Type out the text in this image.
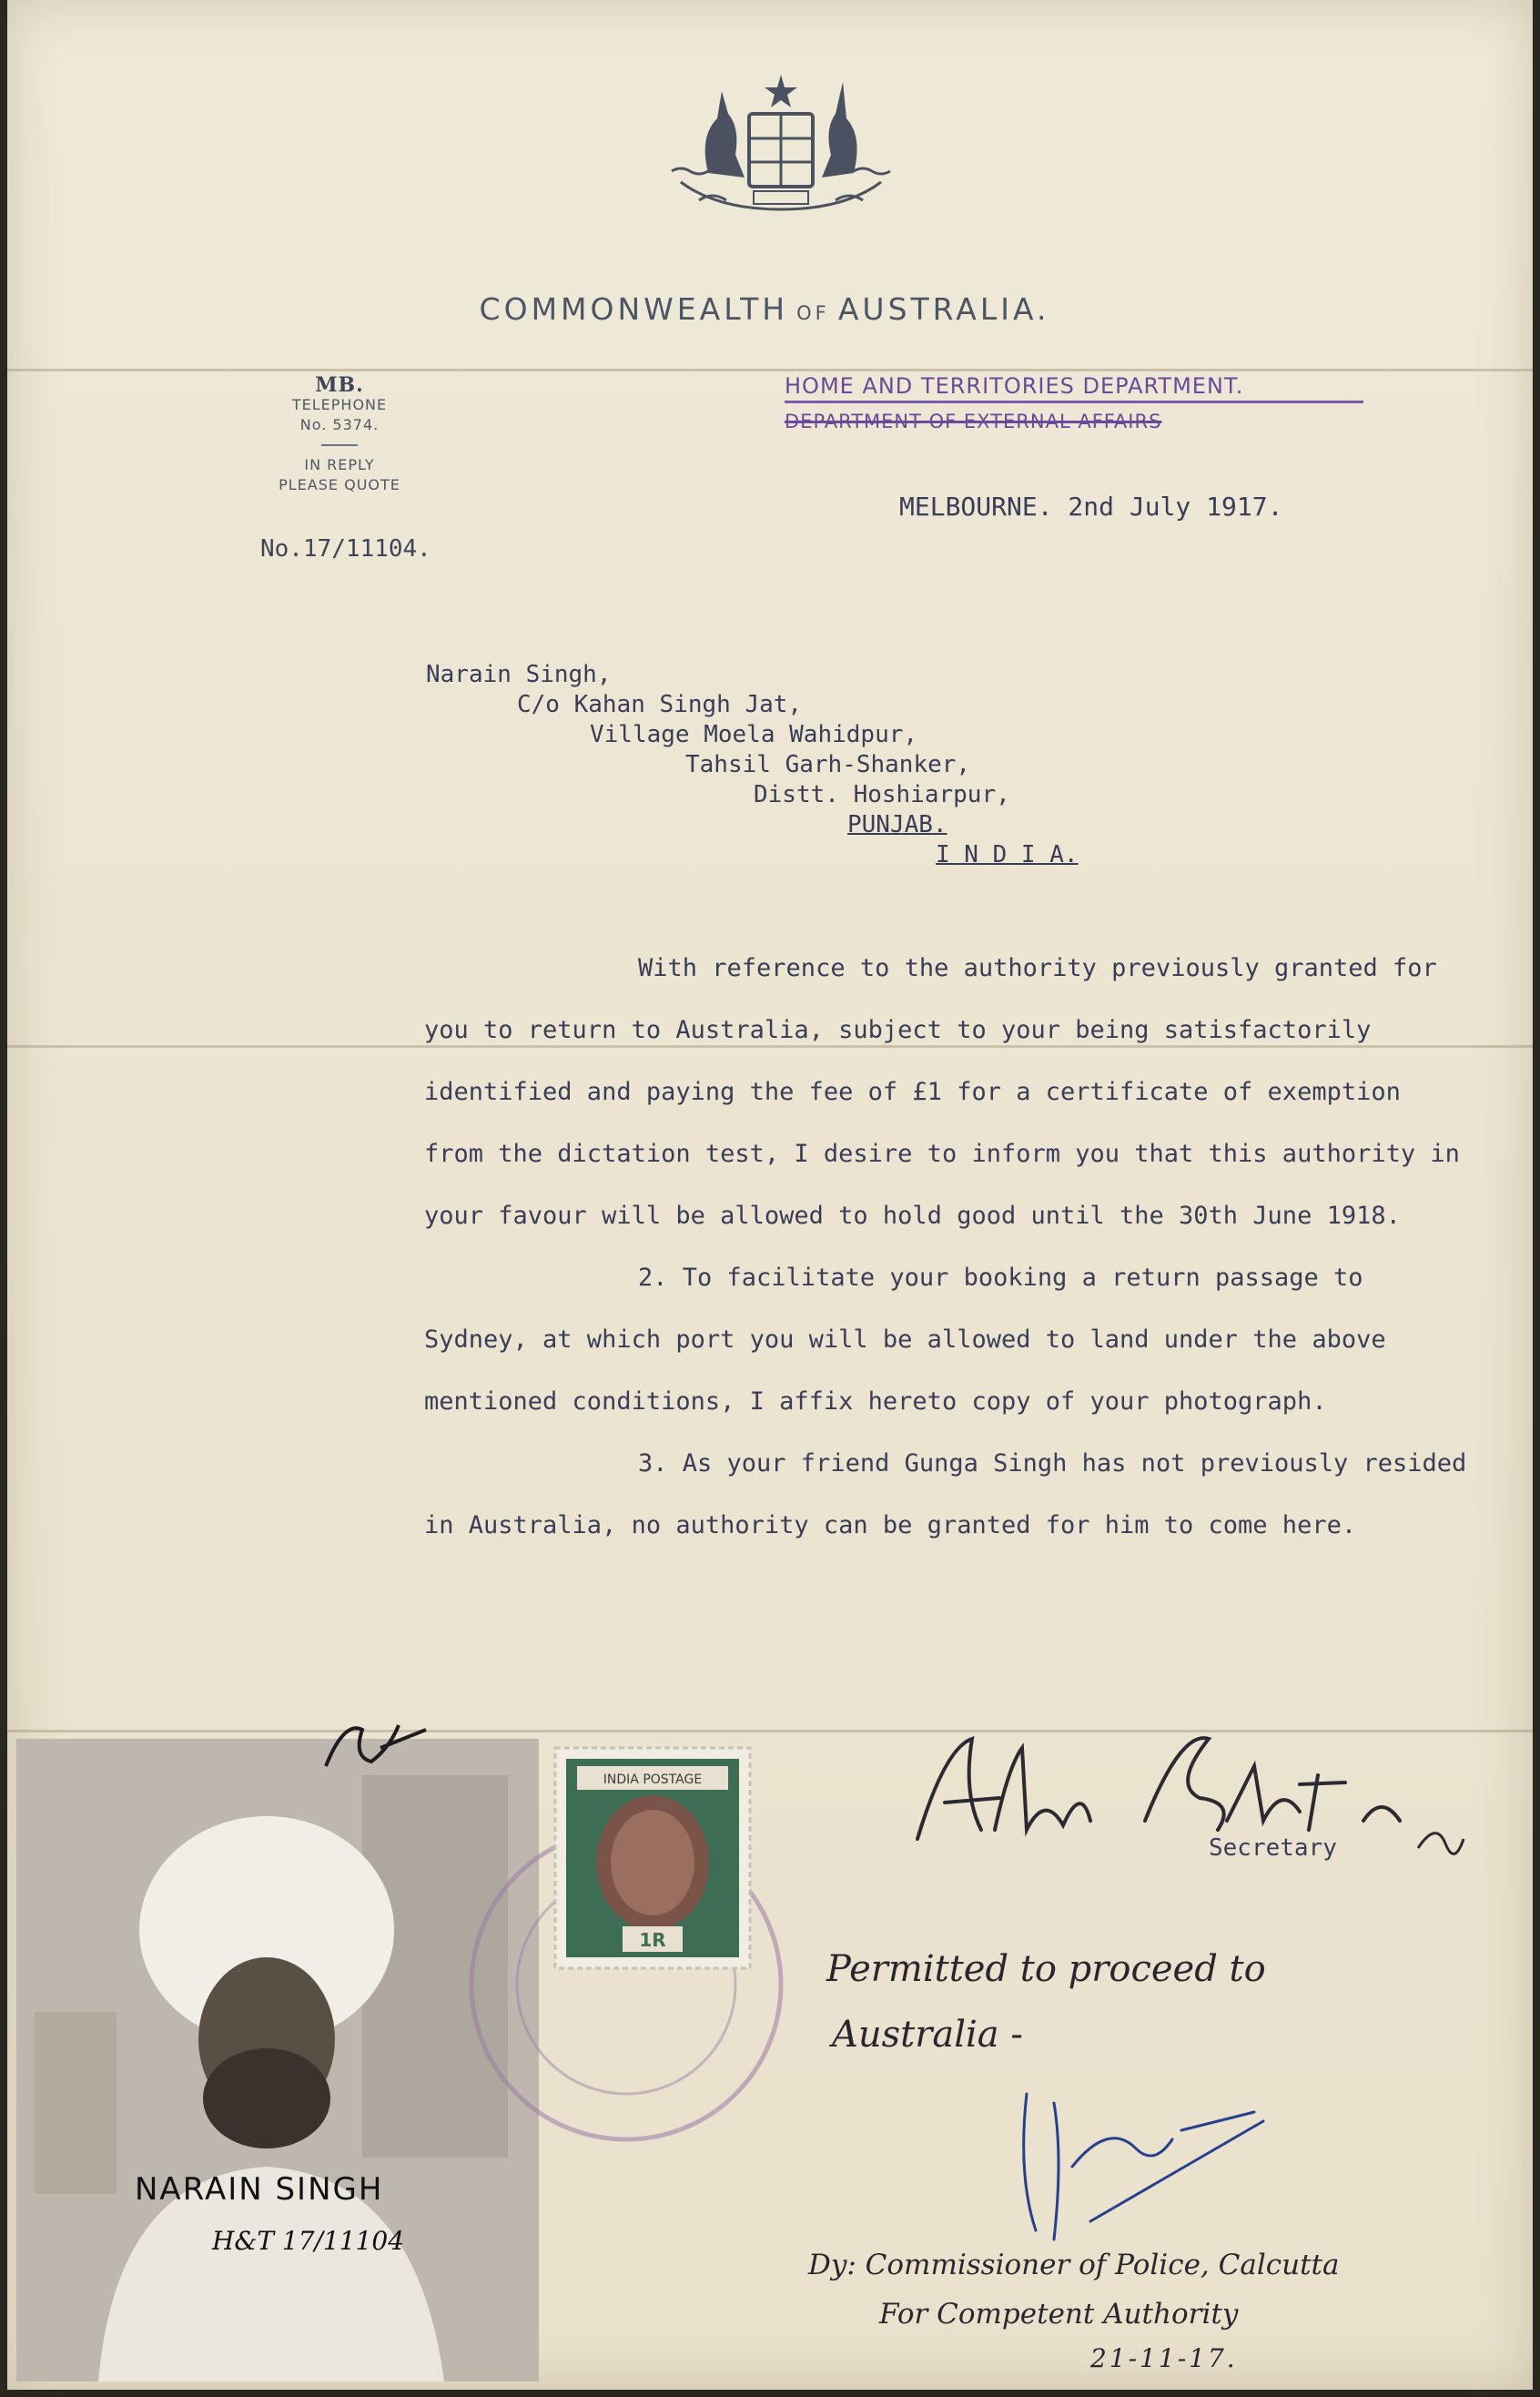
COMMONWEALTH OF AUSTRALIA.
MB.
TELEPHONE
No. 5374.
IN REPLY
PLEASE QUOTE
No.17/11104.
HOME AND TERRITORIES DEPARTMENT.
DEPARTMENT OF EXTERNAL AFFAIRS
MELBOURNE. 2nd July 1917.
Narain Singh,
C/o Kahan Singh Jat,
Village Moela Wahidpur,
Tahsil Garh-Shanker,
Distt. Hoshiarpur,
PUNJAB.
I N D I A.

With reference to the authority previously granted for you to return to Australia, subject to your being satisfactorily identified and paying the fee of £1 for a certificate of exemption from the dictation test, I desire to inform you that this authority in your favour will be allowed to hold good until the 30th June 1918.

2. To facilitate your booking a return passage to Sydney, at which port you will be allowed to land under the above mentioned conditions, I affix hereto copy of your photograph.

3. As your friend Gunga Singh has not previously resided in Australia, no authority can be granted for him to come here.

Secretary
NARAIN SINGH
H&T 17/11104
INDIA POSTAGE
1R
Permitted to proceed to
Australia -
Dy: Commissioner of Police, Calcutta
For Competent Authority
21-11-17.
